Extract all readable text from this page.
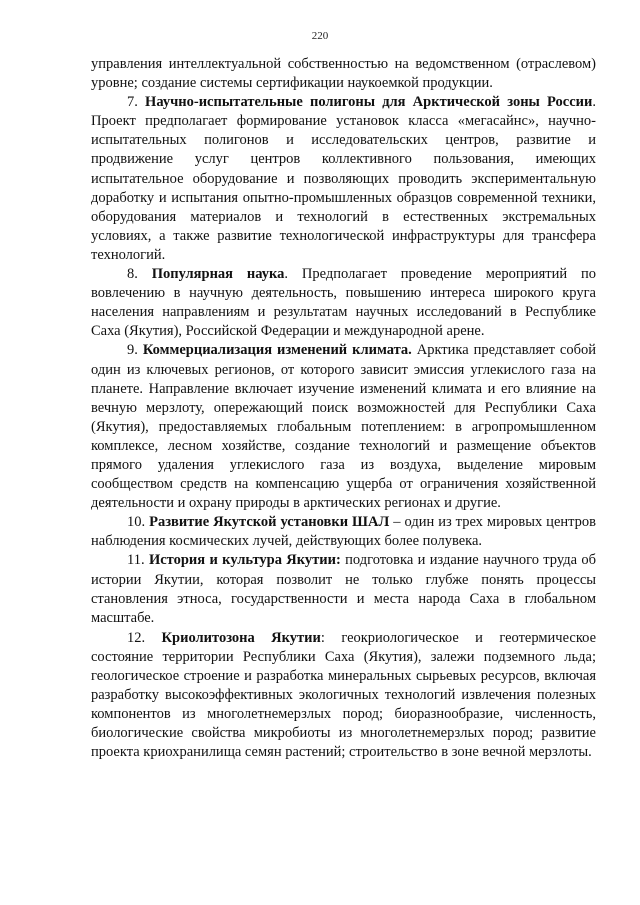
220

управления интеллектуальной собственностью на ведомственном (отраслевом) уровне; создание системы сертификации наукоемкой продукции.

7. Научно-испытательные полигоны для Арктической зоны России. Проект предполагает формирование установок класса «мегасайнс», научно-испытательных полигонов и исследовательских центров, развитие и продвижение услуг центров коллективного пользования, имеющих испытательное оборудование и позволяющих проводить экспериментальную доработку и испытания опытно-промышленных образцов современной техники, оборудования материалов и технологий в естественных экстремальных условиях, а также развитие технологической инфраструктуры для трансфера технологий.

8. Популярная наука. Предполагает проведение мероприятий по вовлечению в научную деятельность, повышению интереса широкого круга населения направлениям и результатам научных исследований в Республике Саха (Якутия), Российской Федерации и международной арене.

9. Коммерциализация изменений климата. Арктика представляет собой один из ключевых регионов, от которого зависит эмиссия углекислого газа на планете. Направление включает изучение изменений климата и его влияние на вечную мерзлоту, опережающий поиск возможностей для Республики Саха (Якутия), предоставляемых глобальным потеплением: в агропромышленном комплексе, лесном хозяйстве, создание технологий и размещение объектов прямого удаления углекислого газа из воздуха, выделение мировым сообществом средств на компенсацию ущерба от ограничения хозяйственной деятельности и охрану природы в арктических регионах и другие.

10. Развитие Якутской установки ШАЛ – один из трех мировых центров наблюдения космических лучей, действующих более полувека.

11. История и культура Якутии: подготовка и издание научного труда об истории Якутии, которая позволит не только глубже понять процессы становления этноса, государственности и места народа Саха в глобальном масштабе.

12. Криолитозона Якутии: геокриологическое и геотермическое состояние территории Республики Саха (Якутия), залежи подземного льда; геологическое строение и разработка минеральных сырьевых ресурсов, включая разработку высокоэффективных экологичных технологий извлечения полезных компонентов из многолетнемерзлых пород; биоразнообразие, численность, биологические свойства микробиоты из многолетнемерзлых пород; развитие проекта криохранилища семян растений; строительство в зоне вечной мерзлоты.
